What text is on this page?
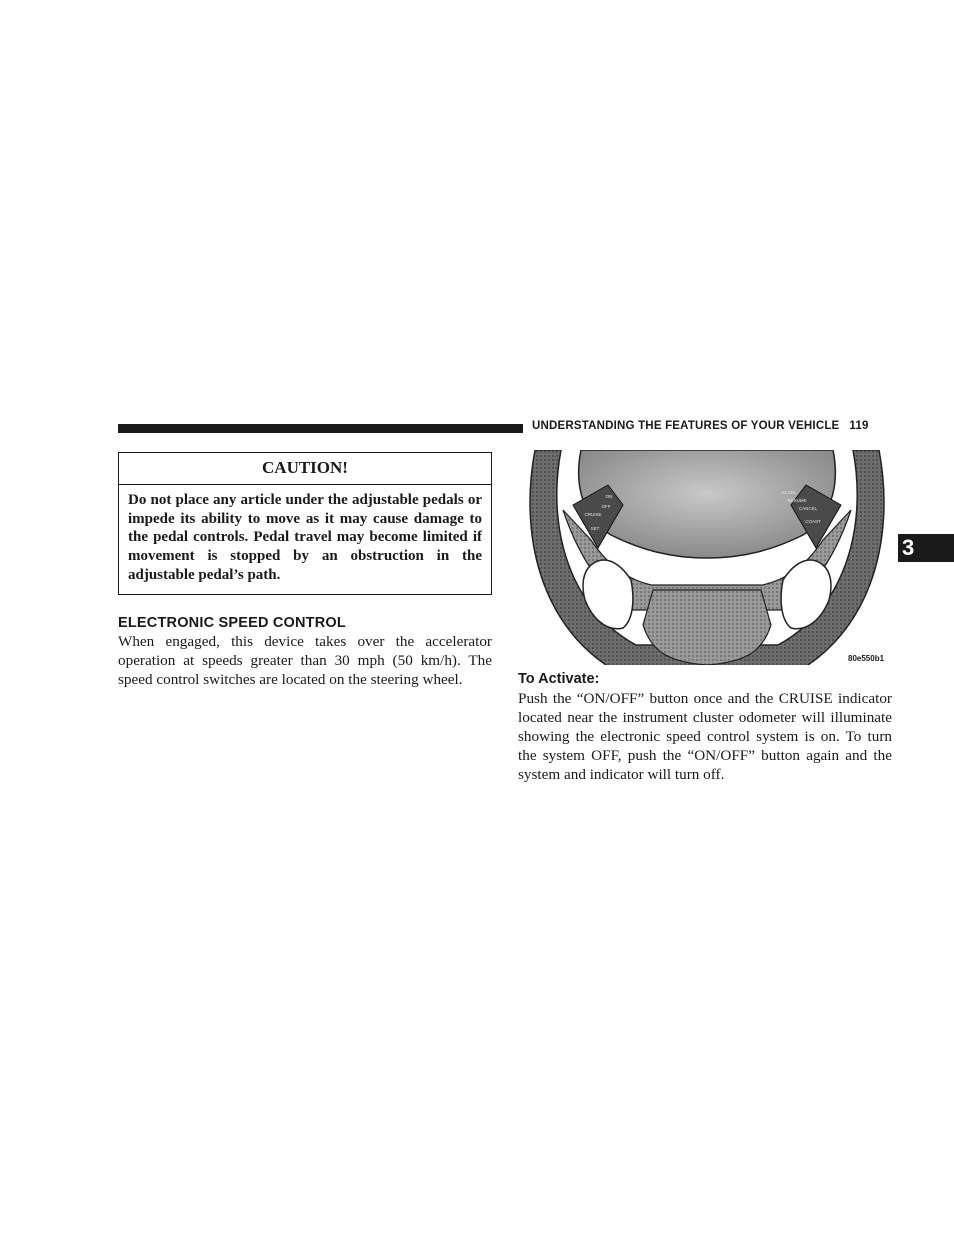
UNDERSTANDING THE FEATURES OF YOUR VEHICLE 119
3
CAUTION!
Do not place any article under the adjustable pedals or impede its ability to move as it may cause damage to the pedal controls. Pedal travel may become limited if movement is stopped by an obstruction in the adjustable pedal’s path.
ELECTRONIC SPEED CONTROL
When engaged, this device takes over the accelerator operation at speeds greater than 30 mph (50 km/h). The speed control switches are located on the steering wheel.
ON
OFF
CRUISE
SET
ACCEL
RESUME
CANCEL
COAST
80e550b1
To Activate:
Push the “ON/OFF” button once and the CRUISE indicator located near the instrument cluster odometer will illuminate showing the electronic speed control system is on. To turn the system OFF, push the “ON/OFF” button again and the system and indicator will turn off.
